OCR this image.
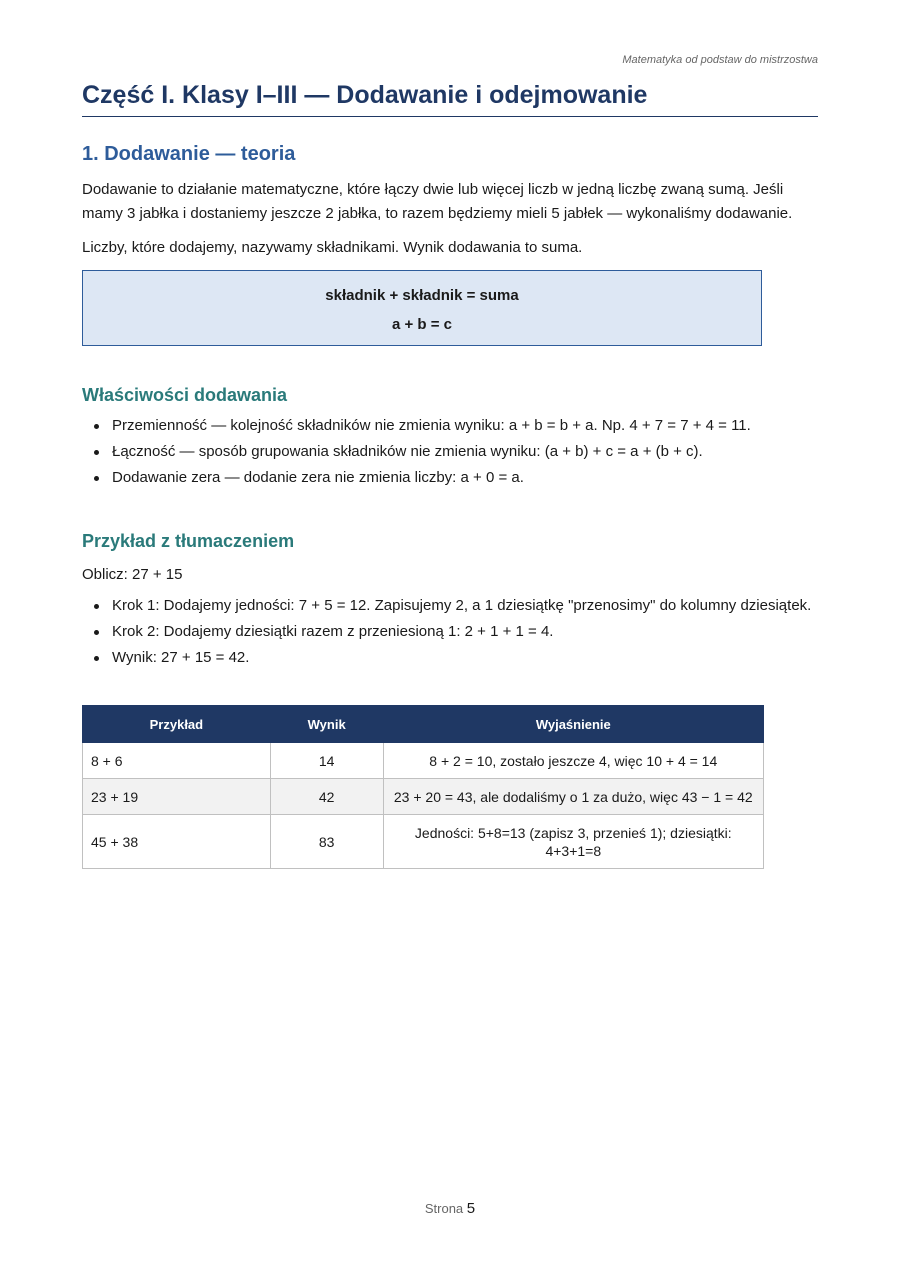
Matematyka od podstaw do mistrzostwa
Część I. Klasy I–III — Dodawanie i odejmowanie
1. Dodawanie — teoria

Dodawanie to działanie matematyczne, które łączy dwie lub więcej liczb w jedną liczbę zwaną sumą. Jeśli mamy 3 jabłka i dostaniemy jeszcze 2 jabłka, to razem będziemy mieli 5 jabłek — wykonaliśmy dodawanie.

Liczby, które dodajemy, nazywamy składnikami. Wynik dodawania to suma.

składnik + składnik = suma
a + b = c
Właściwości dodawania
Przemienność — kolejność składników nie zmienia wyniku: a + b = b + a. Np. 4 + 7 = 7 + 4 = 11.
Łączność — sposób grupowania składników nie zmienia wyniku: (a + b) + c = a + (b + c).
Dodawanie zera — dodanie zera nie zmienia liczby: a + 0 = a.
Przykład z tłumaczeniem

Oblicz: 27 + 15

Krok 1: Dodajemy jedności: 7 + 5 = 12. Zapisujemy 2, a 1 dziesiątkę "przenosimy" do kolumny dziesiątek.
Krok 2: Dodajemy dziesiątki razem z przeniesioną 1: 2 + 1 + 1 = 4.
Wynik: 27 + 15 = 42.
Przykład	Wynik	Wyjaśnienie
8 + 6	14	8 + 2 = 10, zostało jeszcze 4, więc 10 + 4 = 14
23 + 19	42	23 + 20 = 43, ale dodaliśmy o 1 za dużo, więc 43 − 1 = 42
45 + 38	83	Jedności: 5+8=13 (zapisz 3, przenieś 1); dziesiątki: 4+3+1=8
Strona 5
